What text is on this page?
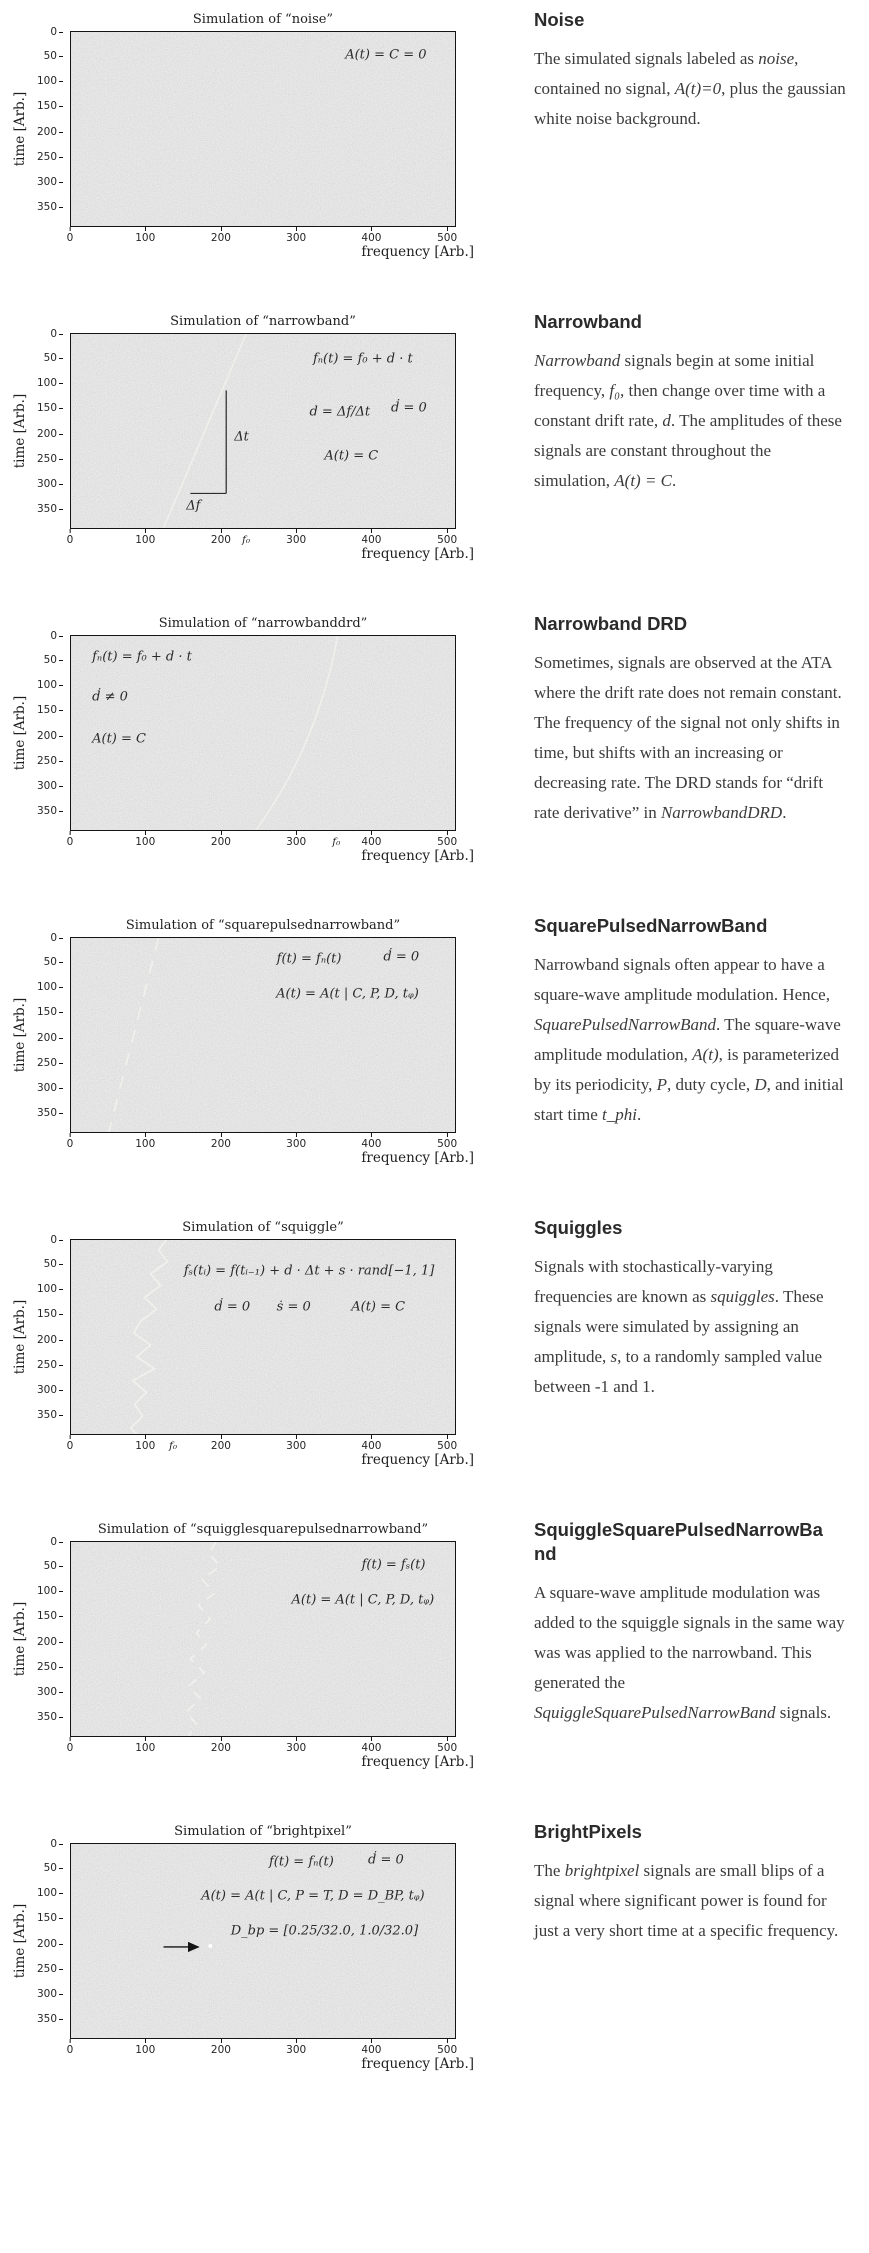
Simulation of “noise”
time [Arb.]
0
50
100
150
200
250
300
350
A(t) = C = 0
0	100	200	300	400	500
frequency [Arb.]
Noise

The simulated signals labeled as noise, contained no signal, A(t)=0, plus the gaussian white noise background.

Simulation of “narrowband”
time [Arb.]
0
50
100
150
200
250
300
350
fₙ(t) = f₀ + d · t
d = Δf/Δt ḋ = 0
A(t) = C
Δt
Δf
0	100	200	300	400	500
f₀
frequency [Arb.]
Narrowband

Narrowband signals begin at some initial frequency, f₀, then change over time with a constant drift rate, d. The amplitudes of these signals are constant throughout the simulation, A(t) = C.

Simulation of “narrowbanddrd”
time [Arb.]
0
50
100
150
200
250
300
350
fₙ(t) = f₀ + d · t
ḋ ≠ 0
A(t) = C
0	100	200	300	400	500
f₀
frequency [Arb.]
Narrowband DRD

Sometimes, signals are observed at the ATA where the drift rate does not remain constant. The frequency of the signal not only shifts in time, but shifts with an increasing or decreasing rate. The DRD stands for “drift rate derivative” in NarrowbandDRD.

Simulation of “squarepulsednarrowband”
time [Arb.]
0
50
100
150
200
250
300
350
f(t) = fₙ(t)	ḋ = 0
A(t) = A(t | C, P, D, tᵩ)
0	100	200	300	400	500
frequency [Arb.]
SquarePulsedNarrowBand

Narrowband signals often appear to have a square-wave amplitude modulation. Hence, SquarePulsedNarrowBand. The square-wave amplitude modulation, A(t), is parameterized by its periodicity, P, duty cycle, D, and initial start time t_phi.

Simulation of “squiggle”
time [Arb.]
0
50
100
150
200
250
300
350
fₛ(tᵢ) = f(tᵢ₋₁) + d · Δt + s · rand[−1, 1]
ḋ = 0 ṡ = 0	A(t) = C
0	100	200	300	400	500
f₀
frequency [Arb.]
Squiggles

Signals with stochastically-varying frequencies are known as squiggles. These signals were simulated by assigning an amplitude, s, to a randomly sampled value between -1 and 1.

Simulation of “squigglesquarepulsednarrowband”
time [Arb.]
0
50
100
150
200
250
300
350
f(t) = fₛ(t)
A(t) = A(t | C, P, D, tᵩ)
0	100	200	300	400	500
frequency [Arb.]
SquiggleSquarePulsedNarrowBand

A square-wave amplitude modulation was added to the squiggle signals in the same way was was applied to the narrowband. This generated the SquiggleSquarePulsedNarrowBand signals.

Simulation of “brightpixel”
time [Arb.]
0
50
100
150
200
250
300
350
f(t) = fₙ(t)	ḋ = 0
A(t) = A(t | C, P = T, D = D_BP, tᵩ)
D_bp = [0.25/32.0, 1.0/32.0]
0	100	200	300	400	500
frequency [Arb.]
BrightPixels

The brightpixel signals are small blips of a signal where significant power is found for just a very short time at a specific frequency.
